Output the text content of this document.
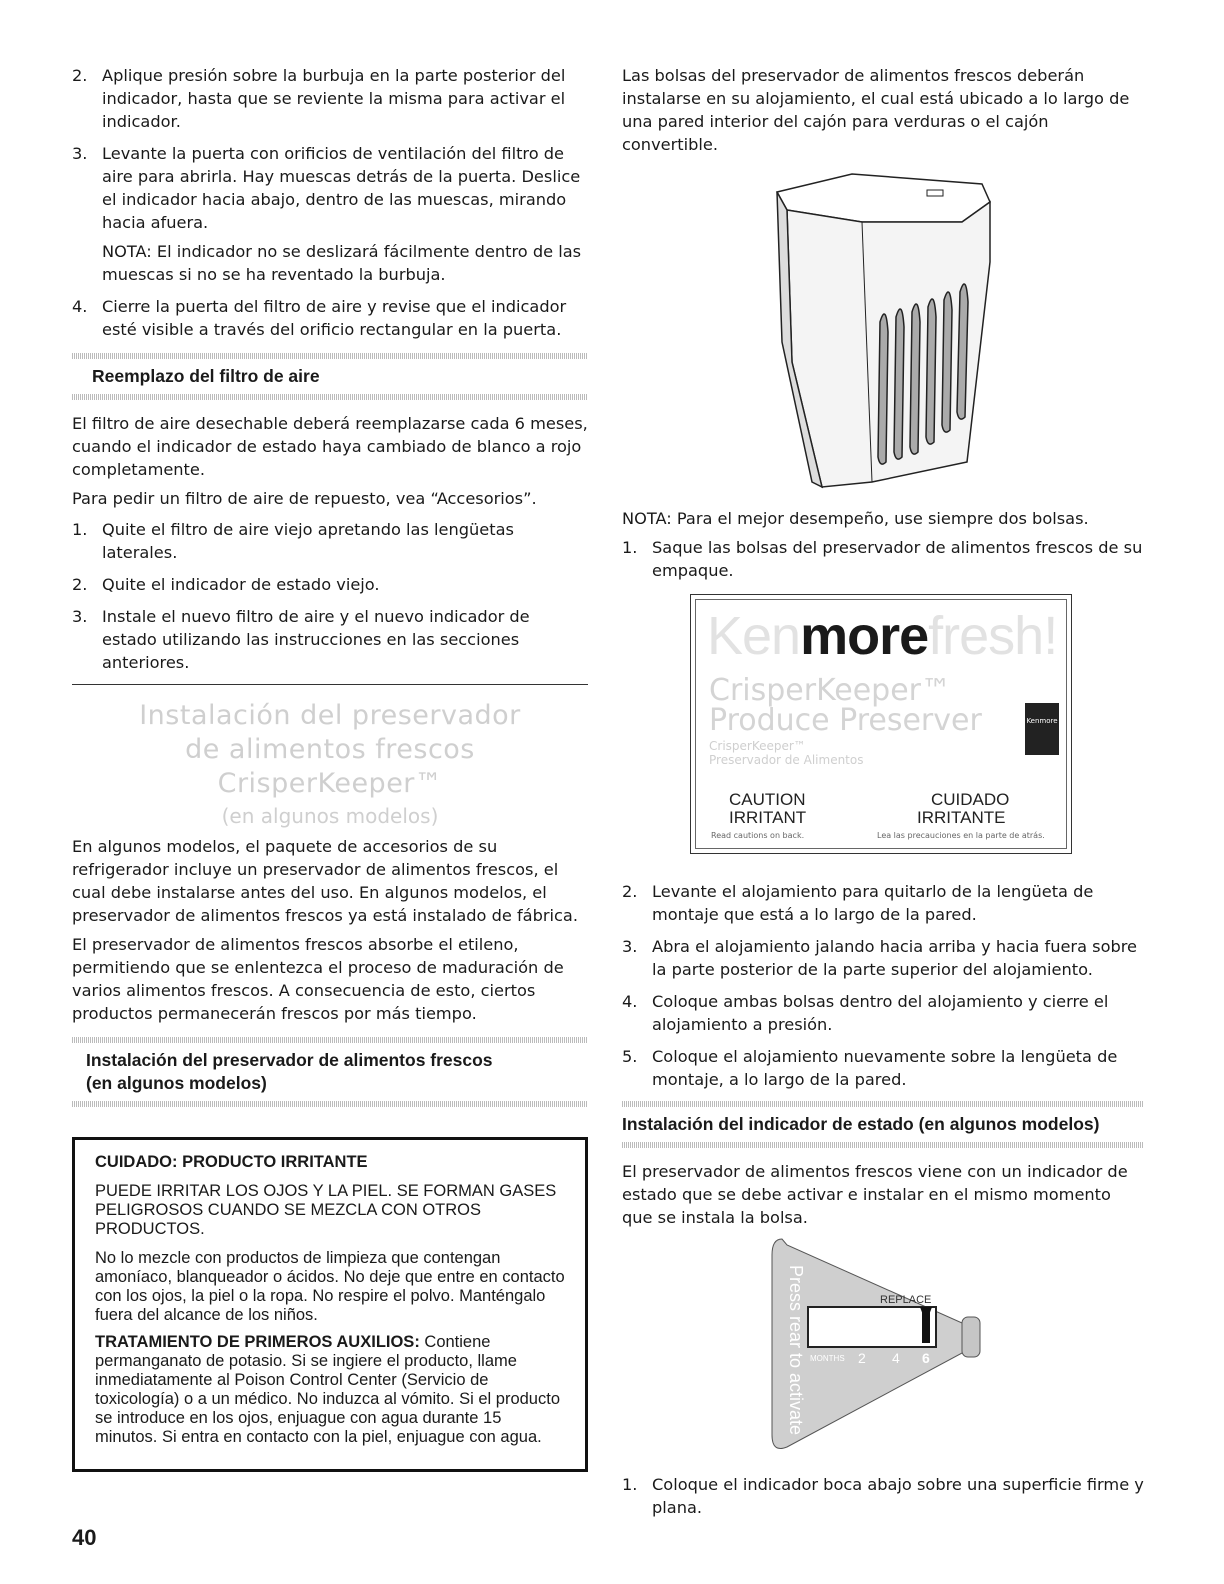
2. Aplique presión sobre la burbuja en la parte posterior del indicador, hasta que se reviente la misma para activar el indicador.
3. Levante la puerta con orificios de ventilación del filtro de aire para abrirla. Hay muescas detrás de la puerta. Deslice el indicador hacia abajo, dentro de las muescas, mirando hacia afuera.

NOTA: El indicador no se deslizará fácilmente dentro de las muescas si no se ha reventado la burbuja.

4. Cierre la puerta del filtro de aire y revise que el indicador esté visible a través del orificio rectangular en la puerta.
Reemplazo del filtro de aire

El filtro de aire desechable deberá reemplazarse cada 6 meses, cuando el indicador de estado haya cambiado de blanco a rojo completamente.

Para pedir un filtro de aire de repuesto, vea “Accesorios”.

1. Quite el filtro de aire viejo apretando las lengüetas laterales.
2. Quite el indicador de estado viejo.
3. Instale el nuevo filtro de aire y el nuevo indicador de estado utilizando las instrucciones en las secciones anteriores.
Instalación del preservador
de alimentos frescos CrisperKeeper™
(en algunos modelos)

En algunos modelos, el paquete de accesorios de su refrigerador incluye un preservador de alimentos frescos, el cual debe instalarse antes del uso. En algunos modelos, el preservador de alimentos frescos ya está instalado de fábrica.

El preservador de alimentos frescos absorbe el etileno, permitiendo que se enlentezca el proceso de maduración de varios alimentos frescos. A consecuencia de esto, ciertos productos permanecerán frescos por más tiempo.

Instalación del preservador de alimentos frescos
(en algunos modelos)
CUIDADO: PRODUCTO IRRITANTE
PUEDE IRRITAR LOS OJOS Y LA PIEL. SE FORMAN GASES PELIGROSOS CUANDO SE MEZCLA CON OTROS PRODUCTOS.
No lo mezcle con productos de limpieza que contengan amoníaco, blanqueador o ácidos. No deje que entre en contacto con los ojos, la piel o la ropa. No respire el polvo. Manténgalo fuera del alcance de los niños.
TRATAMIENTO DE PRIMEROS AUXILIOS: Contiene permanganato de potasio. Si se ingiere el producto, llame inmediatamente al Poison Control Center (Servicio de toxicología) o a un médico. No induzca al vómito. Si el producto se introduce en los ojos, enjuague con agua durante 15 minutos. Si entra en contacto con la piel, enjuague con agua.

Las bolsas del preservador de alimentos frescos deberán instalarse en su alojamiento, el cual está ubicado a lo largo de una pared interior del cajón para verduras o el cajón convertible.

NOTA: Para el mejor desempeño, use siempre dos bolsas.

1. Saque las bolsas del preservador de alimentos frescos de su empaque.
Kenmorefresh!
CrisperKeeper™
Produce Preserver
CrisperKeeper™
Preservador de Alimentos
Kenmore
CAUTION
IRRITANT
CUIDADO
IRRITANTE
Read cautions on back.	Lea las precauciones en la parte de atrás.
2. Levante el alojamiento para quitarlo de la lengüeta de montaje que está a lo largo de la pared.
3. Abra el alojamiento jalando hacia arriba y hacia fuera sobre la parte posterior de la parte superior del alojamiento.
4. Coloque ambas bolsas dentro del alojamiento y cierre el alojamiento a presión.
5. Coloque el alojamiento nuevamente sobre la lengüeta de montaje, a lo largo de la pared.
Instalación del indicador de estado (en algunos modelos)

El preservador de alimentos frescos viene con un indicador de estado que se debe activar e instalar en el mismo momento que se instala la bolsa.

Press rear to activate	REPLACE
MONTHS 2 4 6
1. Coloque el indicador boca abajo sobre una superficie firme y plana.
40
